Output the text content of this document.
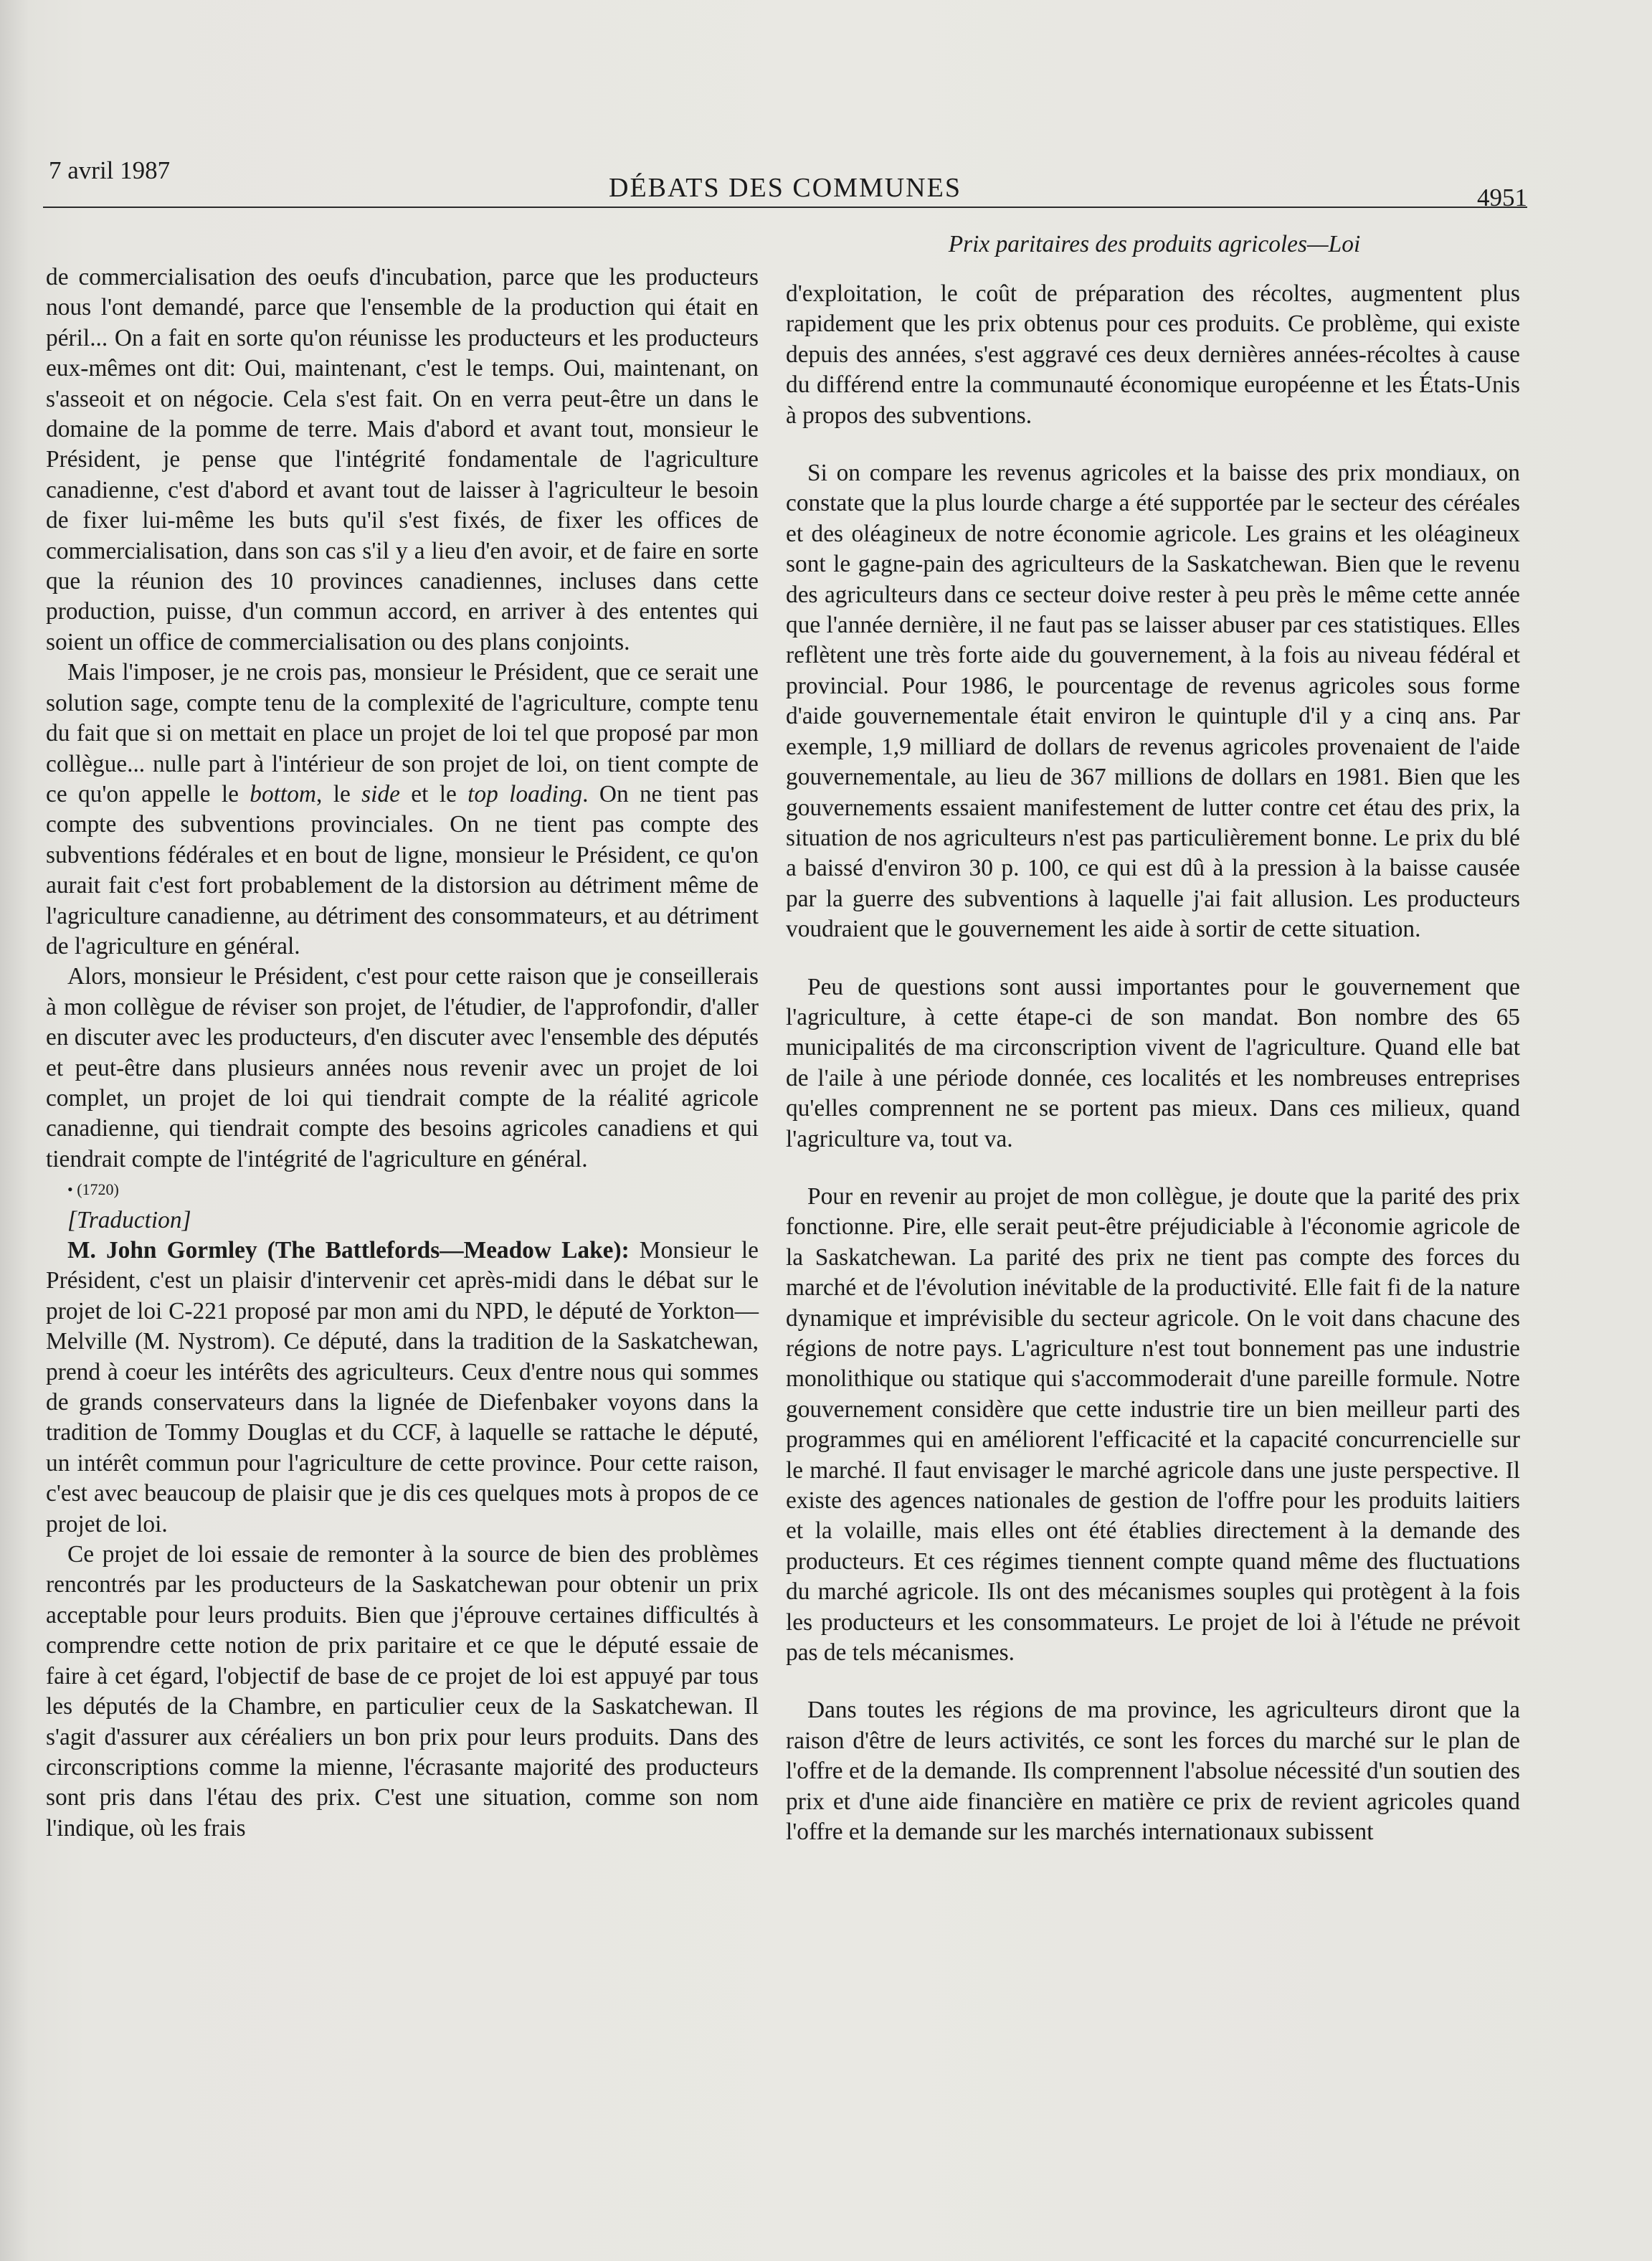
7 avril 1987
DÉBATS DES COMMUNES	4951
Prix paritaires des produits agricoles—Loi

de commercialisation des oeufs d'incubation, parce que les producteurs nous l'ont demandé, parce que l'ensemble de la production qui était en péril... On a fait en sorte qu'on réunisse les producteurs et les producteurs eux-mêmes ont dit: Oui, maintenant, c'est le temps. Oui, maintenant, on s'asseoit et on négocie. Cela s'est fait. On en verra peut-être un dans le domaine de la pomme de terre. Mais d'abord et avant tout, monsieur le Président, je pense que l'intégrité fondamentale de l'agriculture canadienne, c'est d'abord et avant tout de laisser à l'agriculteur le besoin de fixer lui-même les buts qu'il s'est fixés, de fixer les offices de commercialisation, dans son cas s'il y a lieu d'en avoir, et de faire en sorte que la réunion des 10 provinces canadiennes, incluses dans cette production, puisse, d'un commun accord, en arriver à des ententes qui soient un office de commercialisation ou des plans conjoints.

Mais l'imposer, je ne crois pas, monsieur le Président, que ce serait une solution sage, compte tenu de la complexité de l'agriculture, compte tenu du fait que si on mettait en place un projet de loi tel que proposé par mon collègue... nulle part à l'intérieur de son projet de loi, on tient compte de ce qu'on appelle le bottom, le side et le top loading. On ne tient pas compte des subventions provinciales. On ne tient pas compte des subventions fédérales et en bout de ligne, monsieur le Président, ce qu'on aurait fait c'est fort probablement de la distorsion au détriment même de l'agriculture canadienne, au détriment des consommateurs, et au détriment de l'agriculture en général.

Alors, monsieur le Président, c'est pour cette raison que je conseillerais à mon collègue de réviser son projet, de l'étudier, de l'approfondir, d'aller en discuter avec les producteurs, d'en discuter avec l'ensemble des députés et peut-être dans plusieurs années nous revenir avec un projet de loi complet, un projet de loi qui tiendrait compte de la réalité agricole canadienne, qui tiendrait compte des besoins agricoles canadiens et qui tiendrait compte de l'intégrité de l'agriculture en général.

• (1720)

[Traduction]

M. John Gormley (The Battlefords—Meadow Lake): Monsieur le Président, c'est un plaisir d'intervenir cet après-midi dans le débat sur le projet de loi C-221 proposé par mon ami du NPD, le député de Yorkton—Melville (M. Nystrom). Ce député, dans la tradition de la Saskatchewan, prend à coeur les intérêts des agriculteurs. Ceux d'entre nous qui sommes de grands conservateurs dans la lignée de Diefenbaker voyons dans la tradition de Tommy Douglas et du CCF, à laquelle se rattache le député, un intérêt commun pour l'agriculture de cette province. Pour cette raison, c'est avec beaucoup de plaisir que je dis ces quelques mots à propos de ce projet de loi.

Ce projet de loi essaie de remonter à la source de bien des problèmes rencontrés par les producteurs de la Saskatchewan pour obtenir un prix acceptable pour leurs produits. Bien que j'éprouve certaines difficultés à comprendre cette notion de prix paritaire et ce que le député essaie de faire à cet égard, l'objectif de base de ce projet de loi est appuyé par tous les députés de la Chambre, en particulier ceux de la Saskatchewan. Il s'agit d'assurer aux céréaliers un bon prix pour leurs produits. Dans des circonscriptions comme la mienne, l'écrasante majorité des producteurs sont pris dans l'étau des prix. C'est une situation, comme son nom l'indique, où les frais

d'exploitation, le coût de préparation des récoltes, augmentent plus rapidement que les prix obtenus pour ces produits. Ce problème, qui existe depuis des années, s'est aggravé ces deux dernières années-récoltes à cause du différend entre la communauté économique européenne et les États-Unis à propos des subventions.

Si on compare les revenus agricoles et la baisse des prix mondiaux, on constate que la plus lourde charge a été supportée par le secteur des céréales et des oléagineux de notre économie agricole. Les grains et les oléagineux sont le gagne-pain des agriculteurs de la Saskatchewan. Bien que le revenu des agriculteurs dans ce secteur doive rester à peu près le même cette année que l'année dernière, il ne faut pas se laisser abuser par ces statistiques. Elles reflètent une très forte aide du gouvernement, à la fois au niveau fédéral et provincial. Pour 1986, le pourcentage de revenus agricoles sous forme d'aide gouvernementale était environ le quintuple d'il y a cinq ans. Par exemple, 1,9 milliard de dollars de revenus agricoles provenaient de l'aide gouvernementale, au lieu de 367 millions de dollars en 1981. Bien que les gouvernements essaient manifestement de lutter contre cet étau des prix, la situation de nos agriculteurs n'est pas particulièrement bonne. Le prix du blé a baissé d'environ 30 p. 100, ce qui est dû à la pression à la baisse causée par la guerre des subventions à laquelle j'ai fait allusion. Les producteurs voudraient que le gouvernement les aide à sortir de cette situation.

Peu de questions sont aussi importantes pour le gouvernement que l'agriculture, à cette étape-ci de son mandat. Bon nombre des 65 municipalités de ma circonscription vivent de l'agriculture. Quand elle bat de l'aile à une période donnée, ces localités et les nombreuses entreprises qu'elles comprennent ne se portent pas mieux. Dans ces milieux, quand l'agriculture va, tout va.

Pour en revenir au projet de mon collègue, je doute que la parité des prix fonctionne. Pire, elle serait peut-être préjudiciable à l'économie agricole de la Saskatchewan. La parité des prix ne tient pas compte des forces du marché et de l'évolution inévitable de la productivité. Elle fait fi de la nature dynamique et imprévisible du secteur agricole. On le voit dans chacune des régions de notre pays. L'agriculture n'est tout bonnement pas une industrie monolithique ou statique qui s'accommoderait d'une pareille formule. Notre gouvernement considère que cette industrie tire un bien meilleur parti des programmes qui en améliorent l'efficacité et la capacité concurrencielle sur le marché. Il faut envisager le marché agricole dans une juste perspective. Il existe des agences nationales de gestion de l'offre pour les produits laitiers et la volaille, mais elles ont été établies directement à la demande des producteurs. Et ces régimes tiennent compte quand même des fluctuations du marché agricole. Ils ont des mécanismes souples qui protègent à la fois les producteurs et les consommateurs. Le projet de loi à l'étude ne prévoit pas de tels mécanismes.

Dans toutes les régions de ma province, les agriculteurs diront que la raison d'être de leurs activités, ce sont les forces du marché sur le plan de l'offre et de la demande. Ils comprennent l'absolue nécessité d'un soutien des prix et d'une aide financière en matière ce prix de revient agricoles quand l'offre et la demande sur les marchés internationaux subissent
